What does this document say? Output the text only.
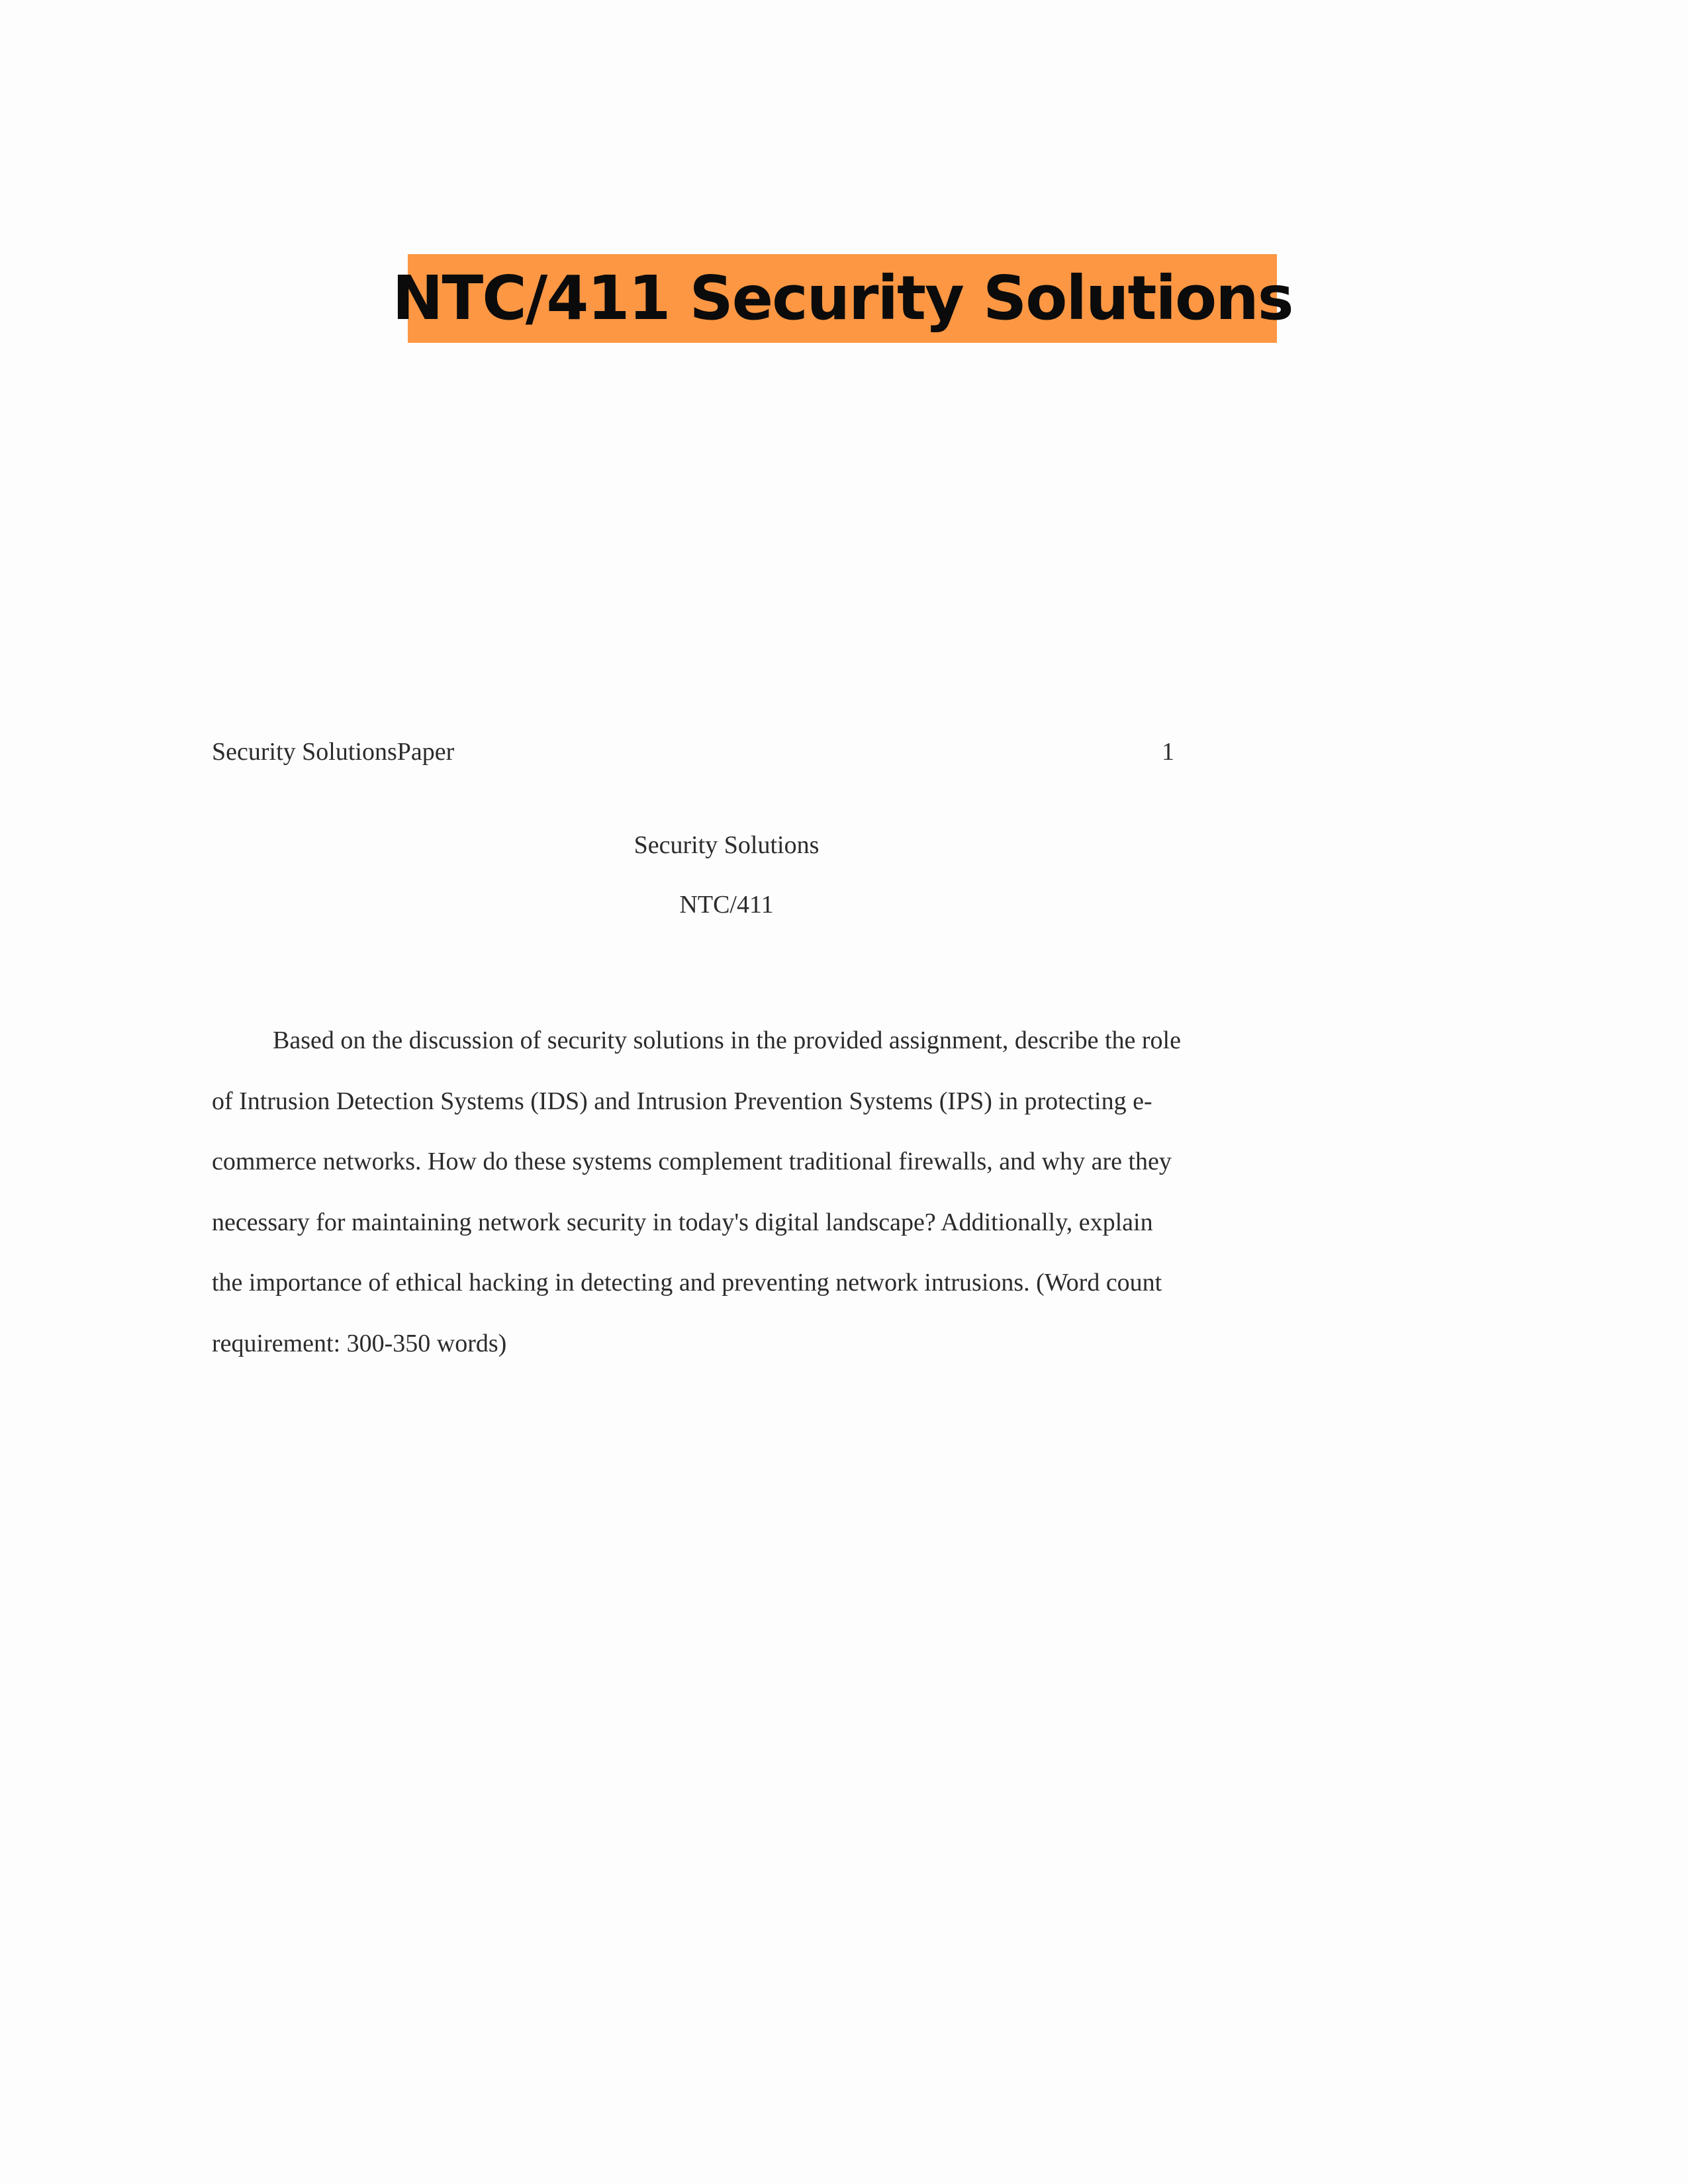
NTC/411 Security Solutions
Security SolutionsPaper	1
Security Solutions
NTC/411
Based on the discussion of security solutions in the provided assignment, describe the role
of Intrusion Detection Systems (IDS) and Intrusion Prevention Systems (IPS) in protecting e-
commerce networks. How do these systems complement traditional firewalls, and why are they
necessary for maintaining network security in today's digital landscape? Additionally, explain
the importance of ethical hacking in detecting and preventing network intrusions. (Word count
requirement: 300-350 words)
